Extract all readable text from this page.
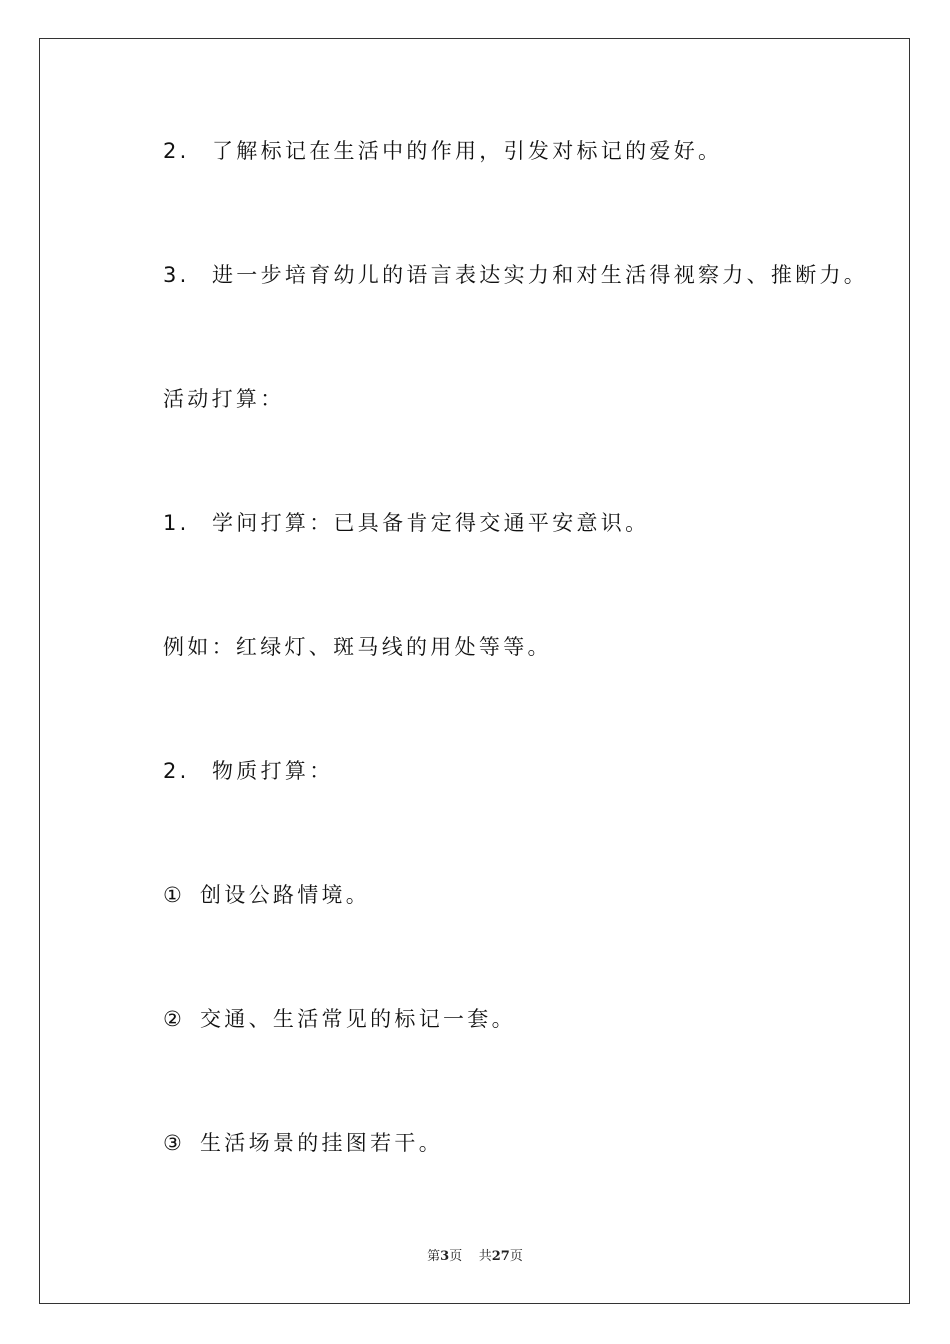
2. 了解标记在生活中的作用，引发对标记的爱好。
3. 进一步培育幼儿的语言表达实力和对生活得视察力、推断力。
活动打算：
1. 学问打算：已具备肯定得交通平安意识。
例如：红绿灯、斑马线的用处等等。
2. 物质打算：
① 创设公路情境。
② 交通、生活常见的标记一套。
③ 生活场景的挂图若干。
第3页 共27页
